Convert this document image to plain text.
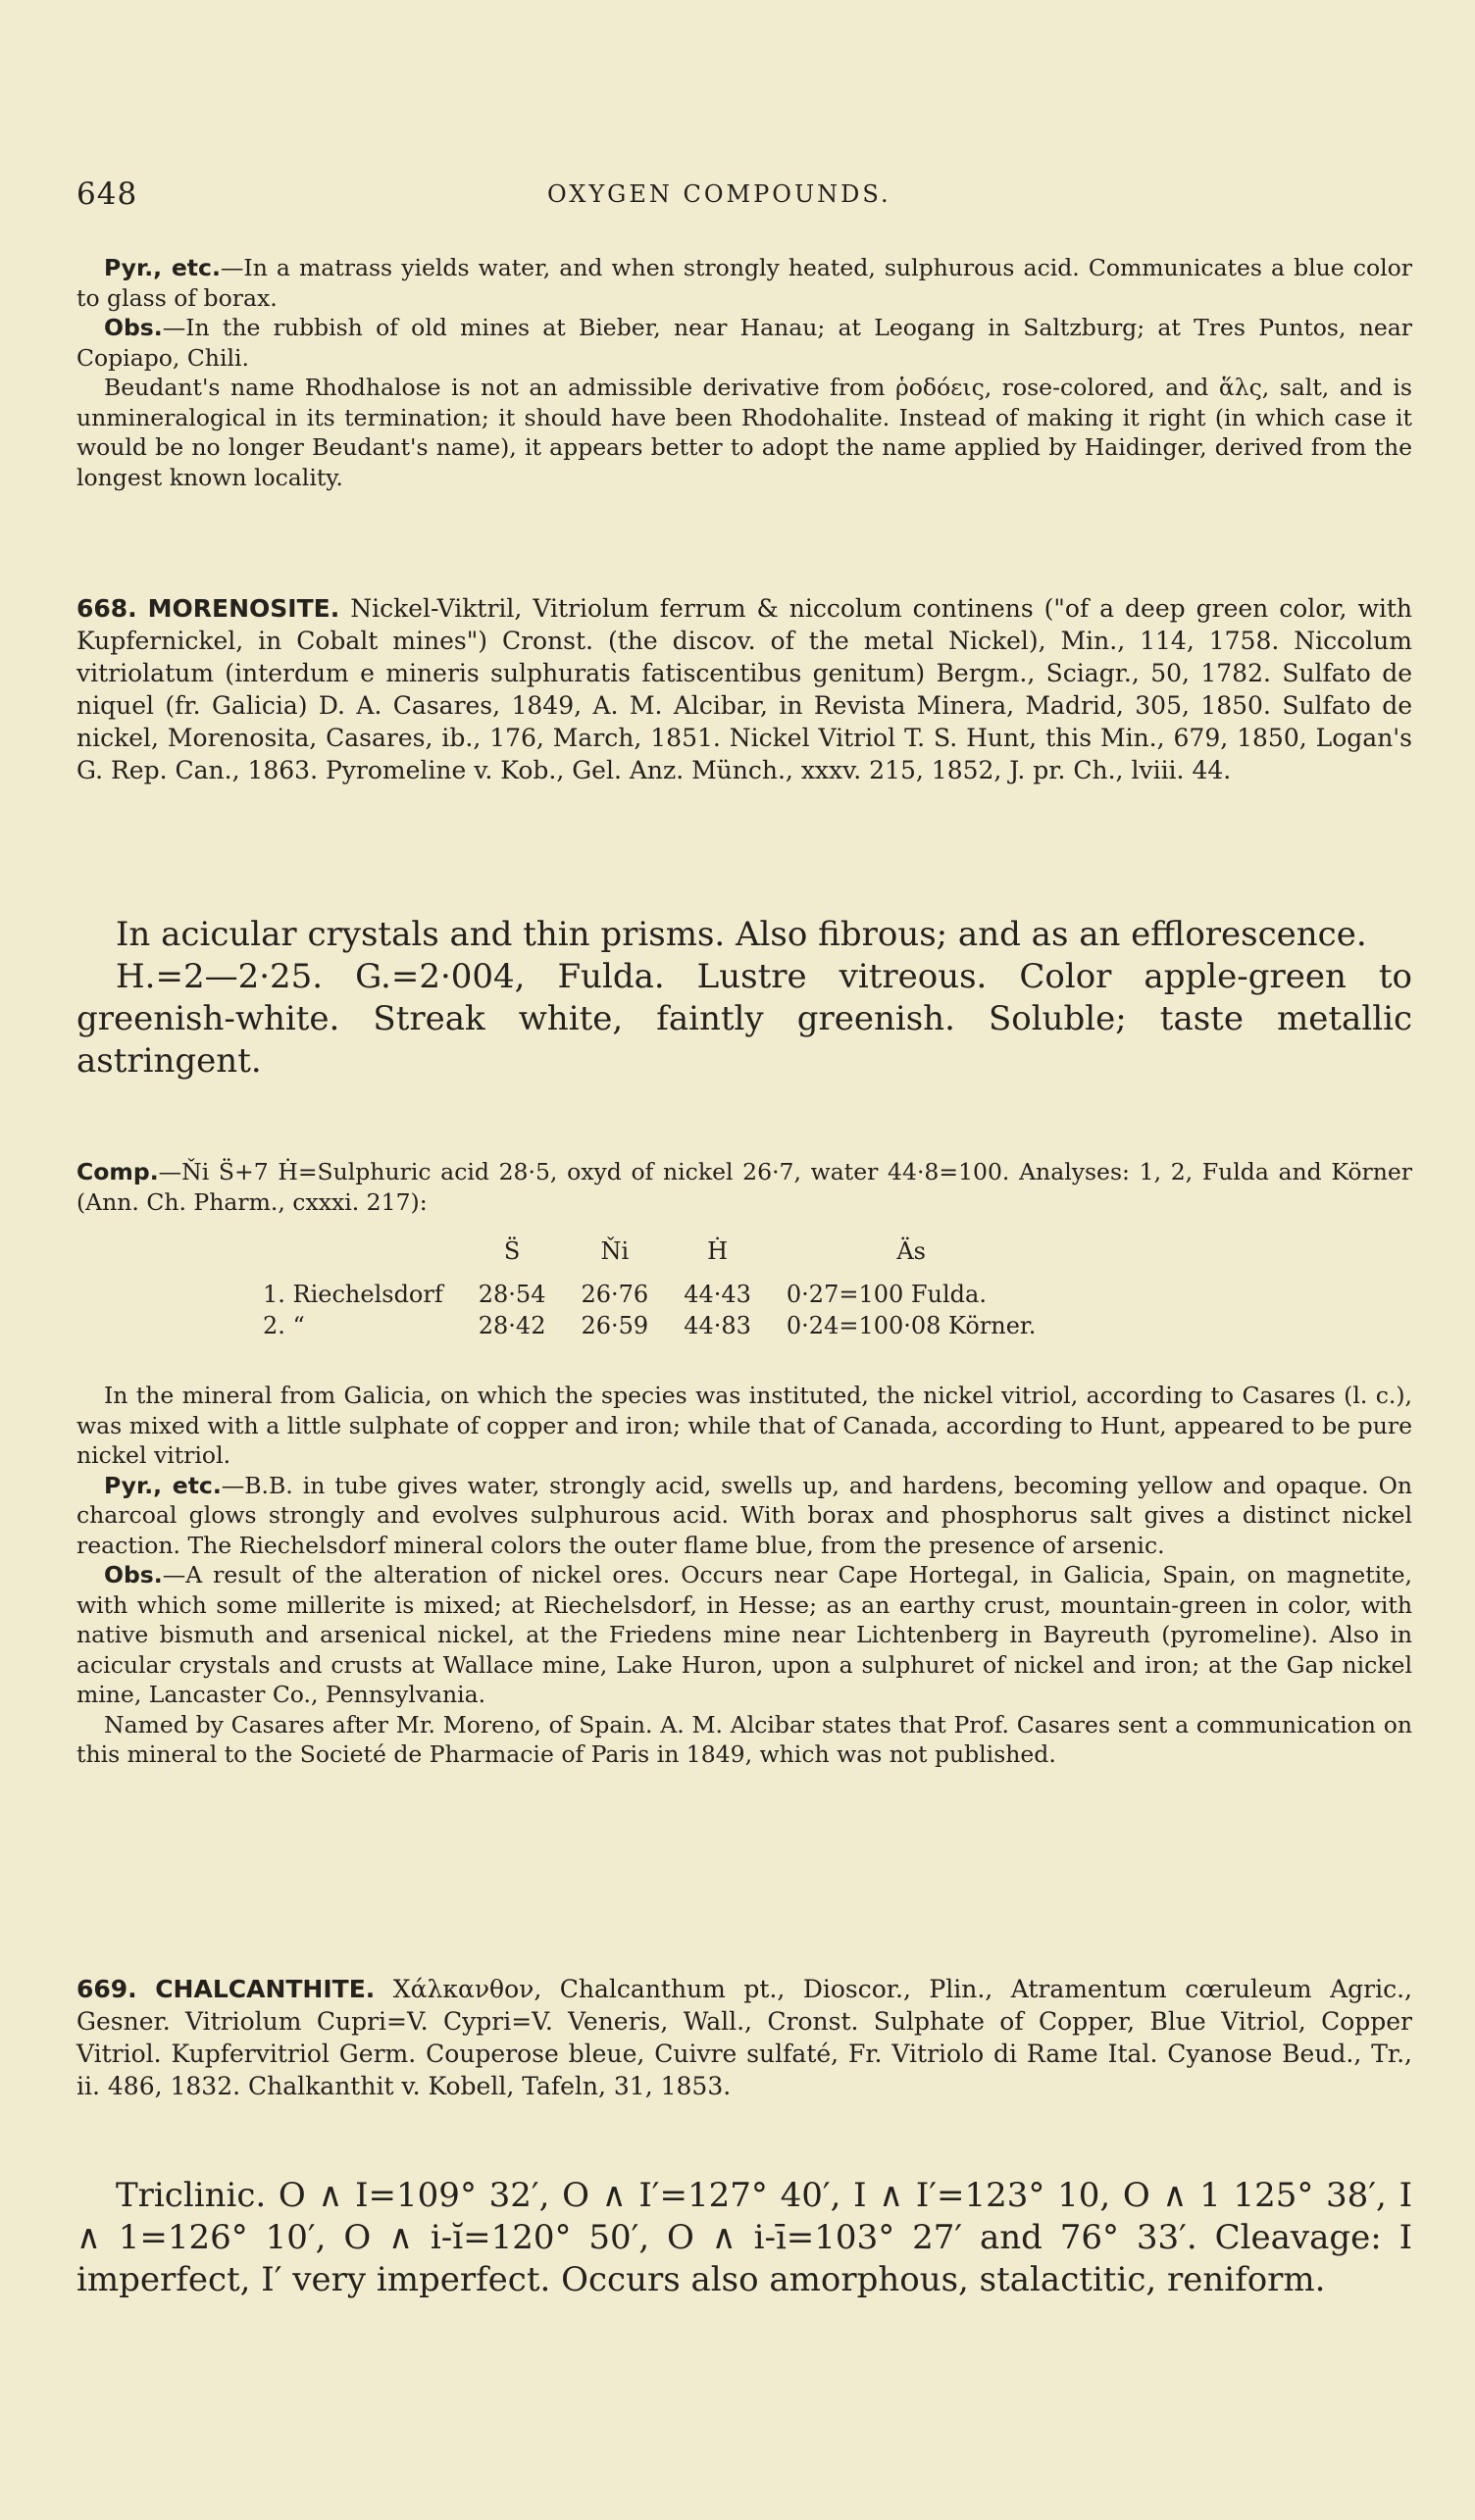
648	OXYGEN COMPOUNDS.

Pyr., etc.—In a matrass yields water, and when strongly heated, sulphurous acid. Communicates a blue color to glass of borax.

Obs.—In the rubbish of old mines at Bieber, near Hanau; at Leogang in Saltzburg; at Tres Puntos, near Copiapo, Chili.

Beudant's name Rhodhalose is not an admissible derivative from ῥοδόεις, rose-colored, and ἅλς, salt, and is unmineralogical in its termination; it should have been Rhodohalite. Instead of making it right (in which case it would be no longer Beudant's name), it appears better to adopt the name applied by Haidinger, derived from the longest known locality.

668. MORENOSITE. Nickel-Viktril, Vitriolum ferrum & niccolum continens ("of a deep green color, with Kupfernickel, in Cobalt mines") Cronst. (the discov. of the metal Nickel), Min., 114, 1758. Niccolum vitriolatum (interdum e mineris sulphuratis fatiscentibus genitum) Bergm., Sciagr., 50, 1782. Sulfato de niquel (fr. Galicia) D. A. Casares, 1849, A. M. Alcibar, in Revista Minera, Madrid, 305, 1850. Sulfato de nickel, Morenosita, Casares, ib., 176, March, 1851. Nickel Vitriol T. S. Hunt, this Min., 679, 1850, Logan's G. Rep. Can., 1863. Pyromeline v. Kob., Gel. Anz. Münch., xxxv. 215, 1852, J. pr. Ch., lviii. 44.

In acicular crystals and thin prisms. Also fibrous; and as an efflorescence.

H.=2—2·25. G.=2·004, Fulda. Lustre vitreous. Color apple-green to greenish-white. Streak white, faintly greenish. Soluble; taste metallic astringent.

Comp.—Ňi S̈+7 Ḣ=Sulphuric acid 28·5, oxyd of nickel 26·7, water 44·8=100. Analyses: 1, 2, Fulda and Körner (Ann. Ch. Pharm., cxxxi. 217):

	S̈	Ňi	Ḣ	Äs
1. Riechelsdorf	28·54	26·76	44·43	0·27=100 Fulda.
2. “	28·42	26·59	44·83	0·24=100·08 Körner.

In the mineral from Galicia, on which the species was instituted, the nickel vitriol, according to Casares (l. c.), was mixed with a little sulphate of copper and iron; while that of Canada, according to Hunt, appeared to be pure nickel vitriol.

Pyr., etc.—B.B. in tube gives water, strongly acid, swells up, and hardens, becoming yellow and opaque. On charcoal glows strongly and evolves sulphurous acid. With borax and phosphorus salt gives a distinct nickel reaction. The Riechelsdorf mineral colors the outer flame blue, from the presence of arsenic.

Obs.—A result of the alteration of nickel ores. Occurs near Cape Hortegal, in Galicia, Spain, on magnetite, with which some millerite is mixed; at Riechelsdorf, in Hesse; as an earthy crust, mountain-green in color, with native bismuth and arsenical nickel, at the Friedens mine near Lichtenberg in Bayreuth (pyromeline). Also in acicular crystals and crusts at Wallace mine, Lake Huron, upon a sulphuret of nickel and iron; at the Gap nickel mine, Lancaster Co., Pennsylvania.

Named by Casares after Mr. Moreno, of Spain. A. M. Alcibar states that Prof. Casares sent a communication on this mineral to the Societé de Pharmacie of Paris in 1849, which was not published.

669. CHALCANTHITE. Χάλκανθον, Chalcanthum pt., Dioscor., Plin., Atramentum cœruleum Agric., Gesner. Vitriolum Cupri=V. Cypri=V. Veneris, Wall., Cronst. Sulphate of Copper, Blue Vitriol, Copper Vitriol. Kupfervitriol Germ. Couperose bleue, Cuivre sulfaté, Fr. Vitriolo di Rame Ital. Cyanose Beud., Tr., ii. 486, 1832. Chalkanthit v. Kobell, Tafeln, 31, 1853.

Triclinic. O ∧ I=109° 32′, O ∧ I′=127° 40′, I ∧ I′=123° 10, O ∧ 1 125° 38′, I ∧ 1=126° 10′, O ∧ i-ĭ=120° 50′, O ∧ i-ī=103° 27′ and 76° 33′. Cleavage: I imperfect, I′ very imperfect. Occurs also amorphous, stalactitic, reniform.
